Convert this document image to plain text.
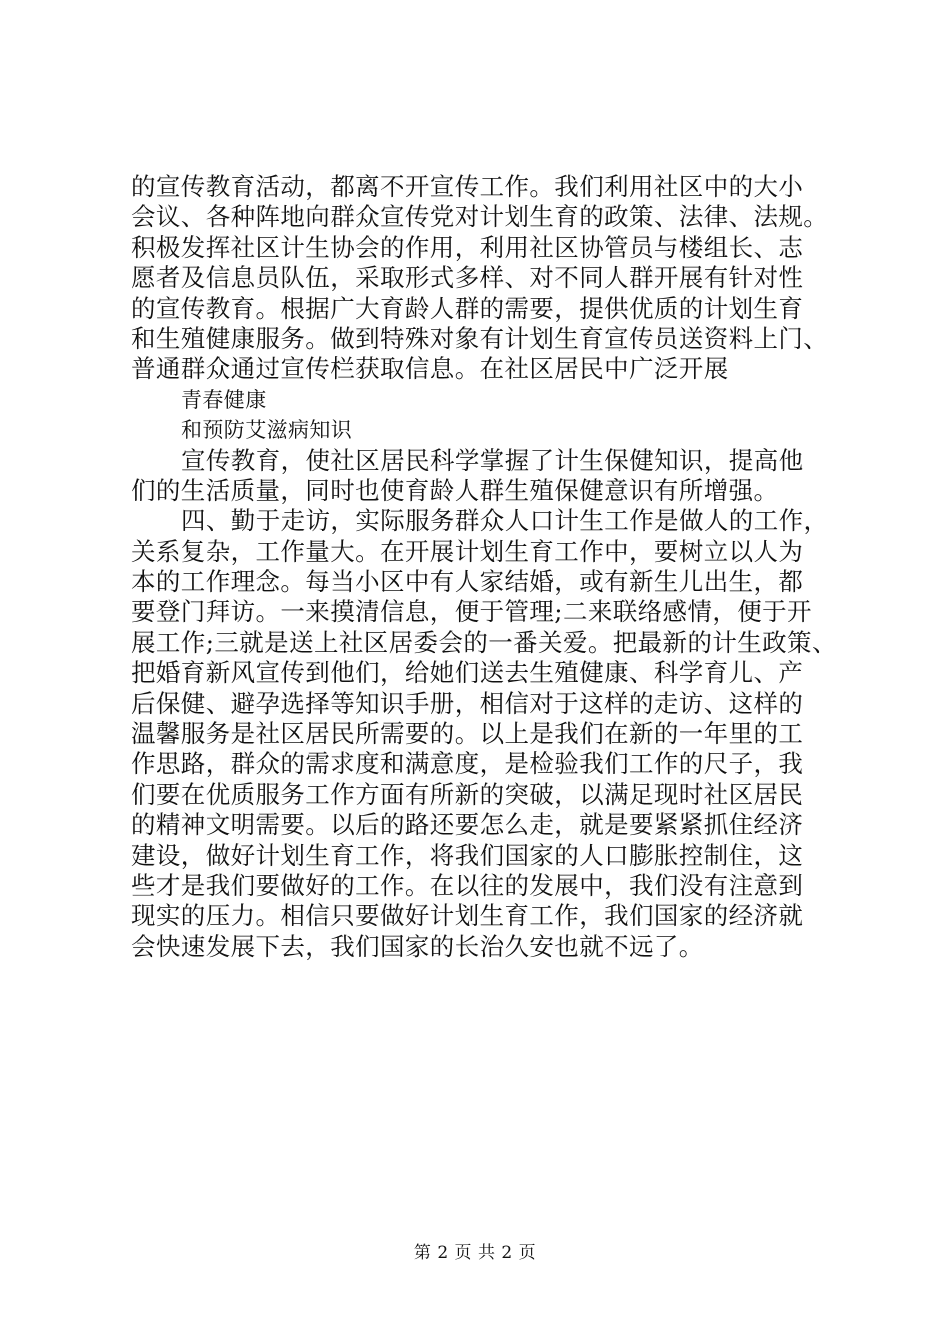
的宣传教育活动，都离不开宣传工作。我们利用社区中的大小
会议、各种阵地向群众宣传党对计划生育的政策、法律、法规。
积极发挥社区计生协会的作用，利用社区协管员与楼组长、志
愿者及信息员队伍，采取形式多样、对不同人群开展有针对性
的宣传教育。根据广大育龄人群的需要，提供优质的计划生育
和生殖健康服务。做到特殊对象有计划生育宣传员送资料上门、
普通群众通过宣传栏获取信息。在社区居民中广泛开展
青春健康
和预防艾滋病知识
宣传教育，使社区居民科学掌握了计生保健知识，提高他
们的生活质量，同时也使育龄人群生殖保健意识有所增强。
四、勤于走访，实际服务群众人口计生工作是做人的工作，
关系复杂，工作量大。在开展计划生育工作中，要树立以人为
本的工作理念。每当小区中有人家结婚，或有新生儿出生，都
要登门拜访。一来摸清信息，便于管理;二来联络感情，便于开
展工作;三就是送上社区居委会的一番关爱。把最新的计生政策、
把婚育新风宣传到他们，给她们送去生殖健康、科学育儿、产
后保健、避孕选择等知识手册，相信对于这样的走访、这样的
温馨服务是社区居民所需要的。以上是我们在新的一年里的工
作思路，群众的需求度和满意度，是检验我们工作的尺子，我
们要在优质服务工作方面有所新的突破，以满足现时社区居民
的精神文明需要。以后的路还要怎么走，就是要紧紧抓住经济
建设，做好计划生育工作，将我们国家的人口膨胀控制住，这
些才是我们要做好的工作。在以往的发展中，我们没有注意到
现实的压力。相信只要做好计划生育工作，我们国家的经济就
会快速发展下去，我们国家的长治久安也就不远了。
第 2 页 共 2 页
